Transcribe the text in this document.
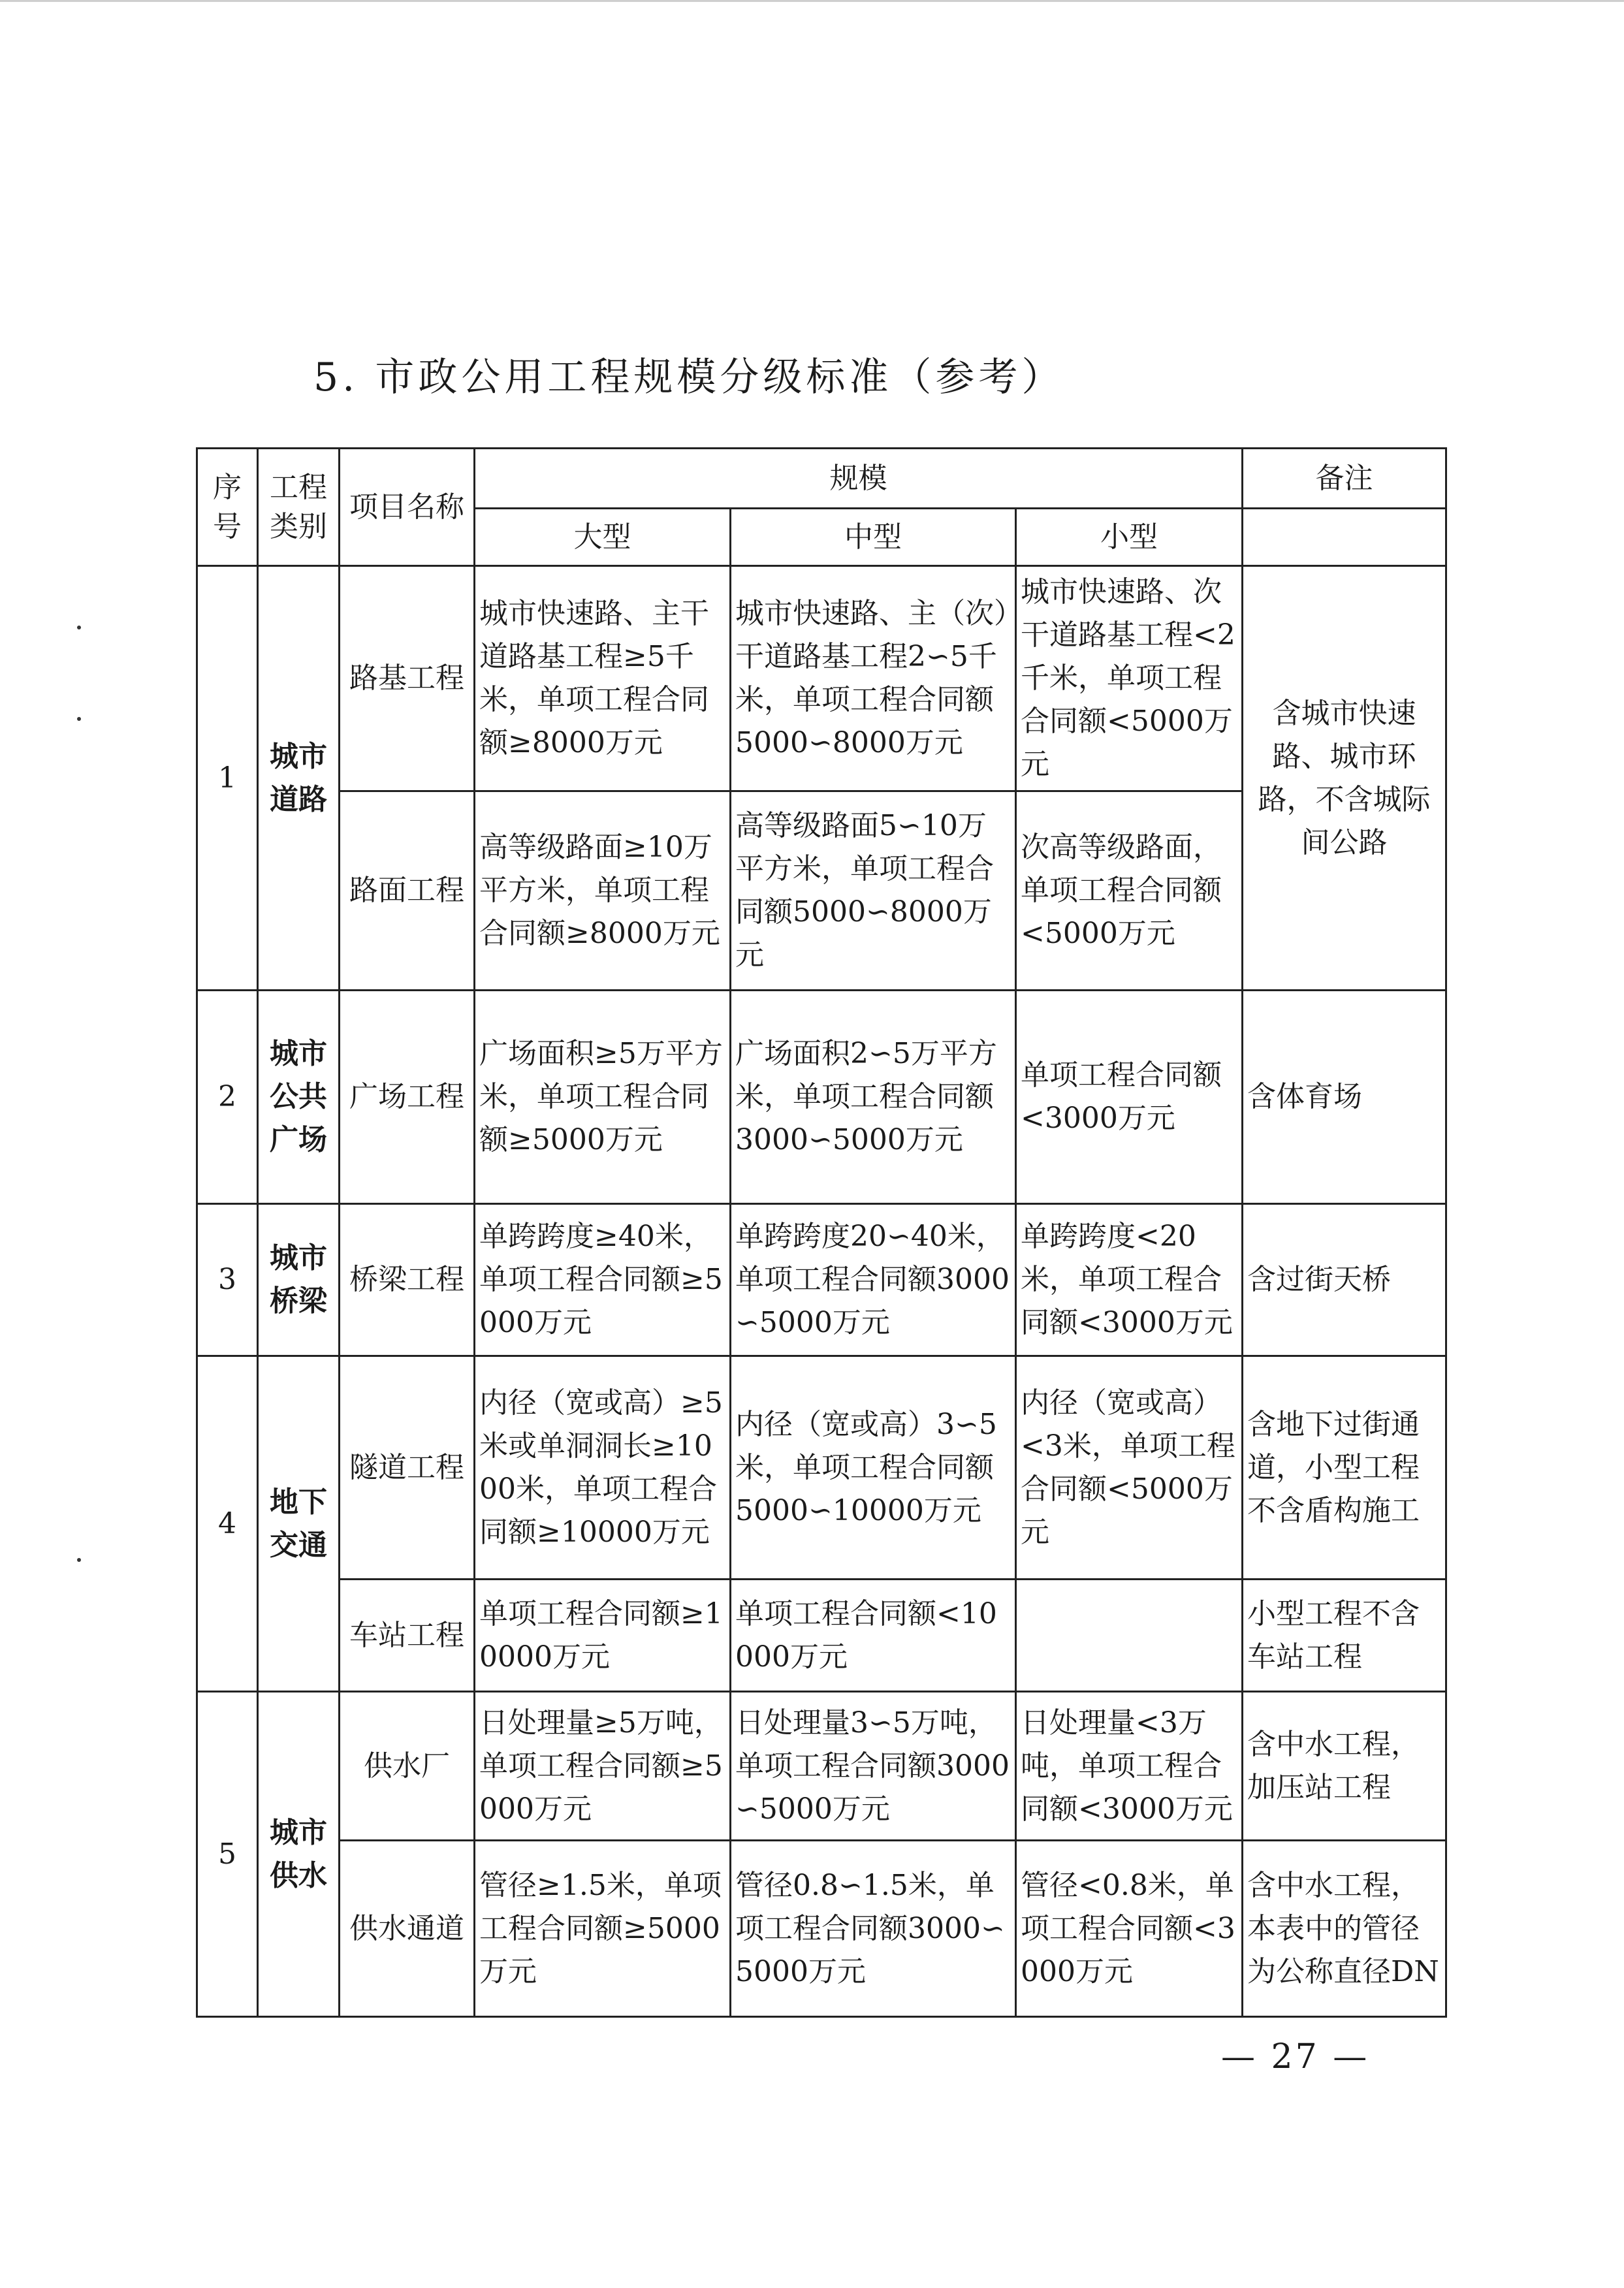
5. 市政公用工程规模分级标准（参考）
序号	工程类别	项目名称	规模			备注
			大型	中型	小型	
1	城市道路	路基工程	城市快速路、主干道路基工程≥5千米，单项工程合同额≥8000万元	城市快速路、主（次）干道路基工程2∽5千米，单项工程合同额5000∽8000万元	城市快速路、次干道路基工程<2千米，单项工程合同额<5000万元	含城市快速路、城市环路，不含城际间公路
		路面工程	高等级路面≥10万平方米，单项工程合同额≥8000万元	高等级路面5∽10万平方米，单项工程合同额5000∽8000万元	次高等级路面，单项工程合同额<5000万元	
2	城市公共广场	广场工程	广场面积≥5万平方米，单项工程合同额≥5000万元	广场面积2∽5万平方米，单项工程合同额3000∽5000万元	单项工程合同额<3000万元	含体育场
3	城市桥梁	桥梁工程	单跨跨度≥40米，单项工程合同额≥5000万元	单跨跨度20∽40米，单项工程合同额3000∽5000万元	单跨跨度<20米，单项工程合同额<3000万元	含过街天桥
4	地下交通	隧道工程	内径（宽或高）≥5米或单洞洞长≥1000米，单项工程合同额≥10000万元	内径（宽或高）3∽5米，单项工程合同额5000∽10000万元	内径（宽或高）<3米，单项工程合同额<5000万元	含地下过街通道，小型工程不含盾构施工
		车站工程	单项工程合同额≥10000万元	单项工程合同额<10000万元		小型工程不含车站工程
5	城市供水	供水厂	日处理量≥5万吨，单项工程合同额≥5000万元	日处理量3∽5万吨，单项工程合同额3000∽5000万元	日处理量<3万吨，单项工程合同额<3000万元	含中水工程，加压站工程
		供水通道	管径≥1.5米，单项工程合同额≥5000万元	管径0.8∽1.5米，单项工程合同额3000∽5000万元	管径<0.8米，单项工程合同额<3000万元	含中水工程，本表中的管径为公称直径DN
— 27 —
